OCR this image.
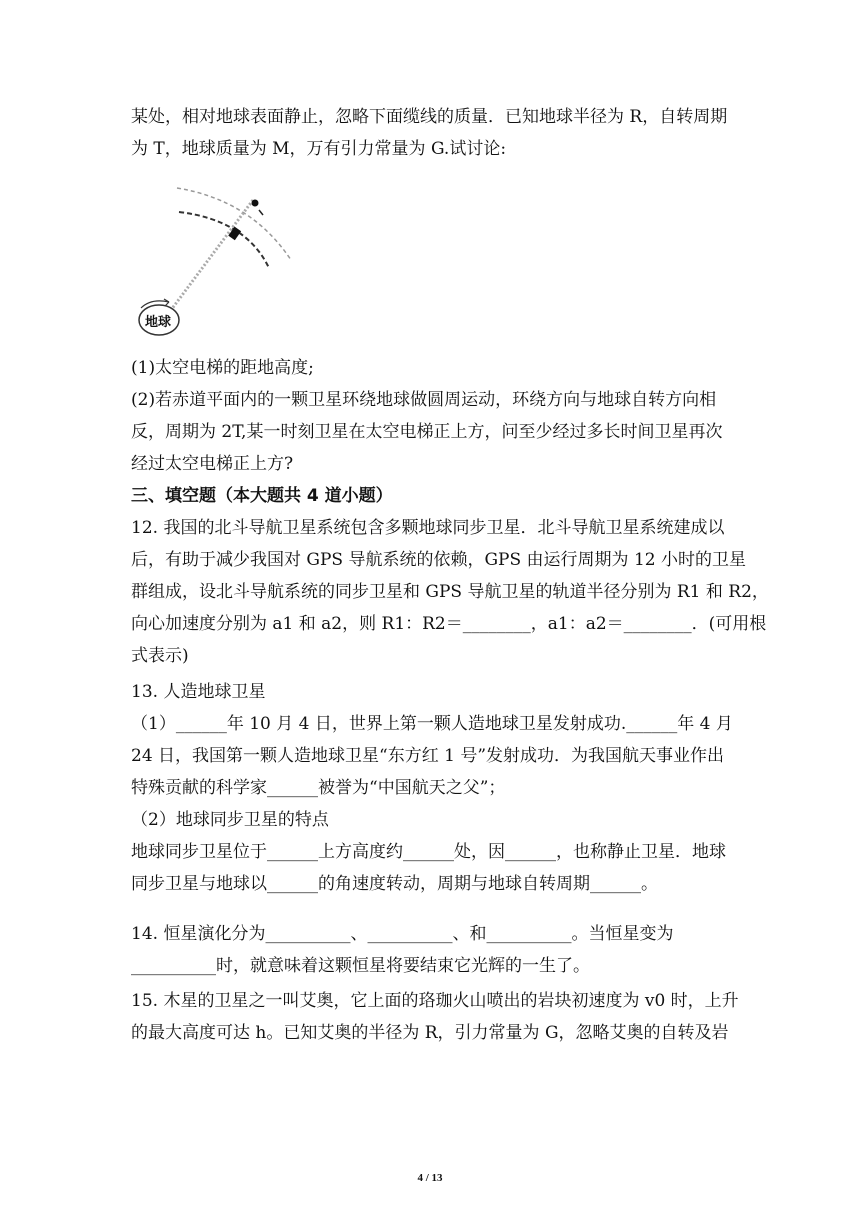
某处，相对地球表面静止，忽略下面缆线的质量．已知地球半径为 R，自转周期
为 T，地球质量为 M，万有引力常量为 G.试讨论:
地球
(1)太空电梯的距地高度;
(2)若赤道平面内的一颗卫星环绕地球做圆周运动，环绕方向与地球自转方向相
反，周期为 2T,某一时刻卫星在太空电梯正上方，问至少经过多长时间卫星再次
经过太空电梯正上方?
三、填空题（本大题共 4 道小题）
12. 我国的北斗导航卫星系统包含多颗地球同步卫星．北斗导航卫星系统建成以
后，有助于减少我国对 GPS 导航系统的依赖，GPS 由运行周期为 12 小时的卫星
群组成，设北斗导航系统的同步卫星和 GPS 导航卫星的轨道半径分别为 R1 和 R2，
向心加速度分别为 a1 和 a2，则 R1：R2＝________，a1：a2＝________．(可用根
式表示)
13. 人造地球卫星
（1）______年 10 月 4 日，世界上第一颗人造地球卫星发射成功.______年 4 月
24 日，我国第一颗人造地球卫星“东方红 1 号”发射成功．为我国航天事业作出
特殊贡献的科学家______被誉为“中国航天之父”；
（2）地球同步卫星的特点
地球同步卫星位于______上方高度约______处，因______，也称静止卫星．地球
同步卫星与地球以______的角速度转动，周期与地球自转周期______。
14. 恒星演化分为__________、__________、和__________。当恒星变为
__________时，就意味着这颗恒星将要结束它光辉的一生了。
15. 木星的卫星之一叫艾奥，它上面的珞珈火山喷出的岩块初速度为 v0 时，上升
的最大高度可达 h。已知艾奥的半径为 R，引力常量为 G，忽略艾奥的自转及岩
4 / 13
